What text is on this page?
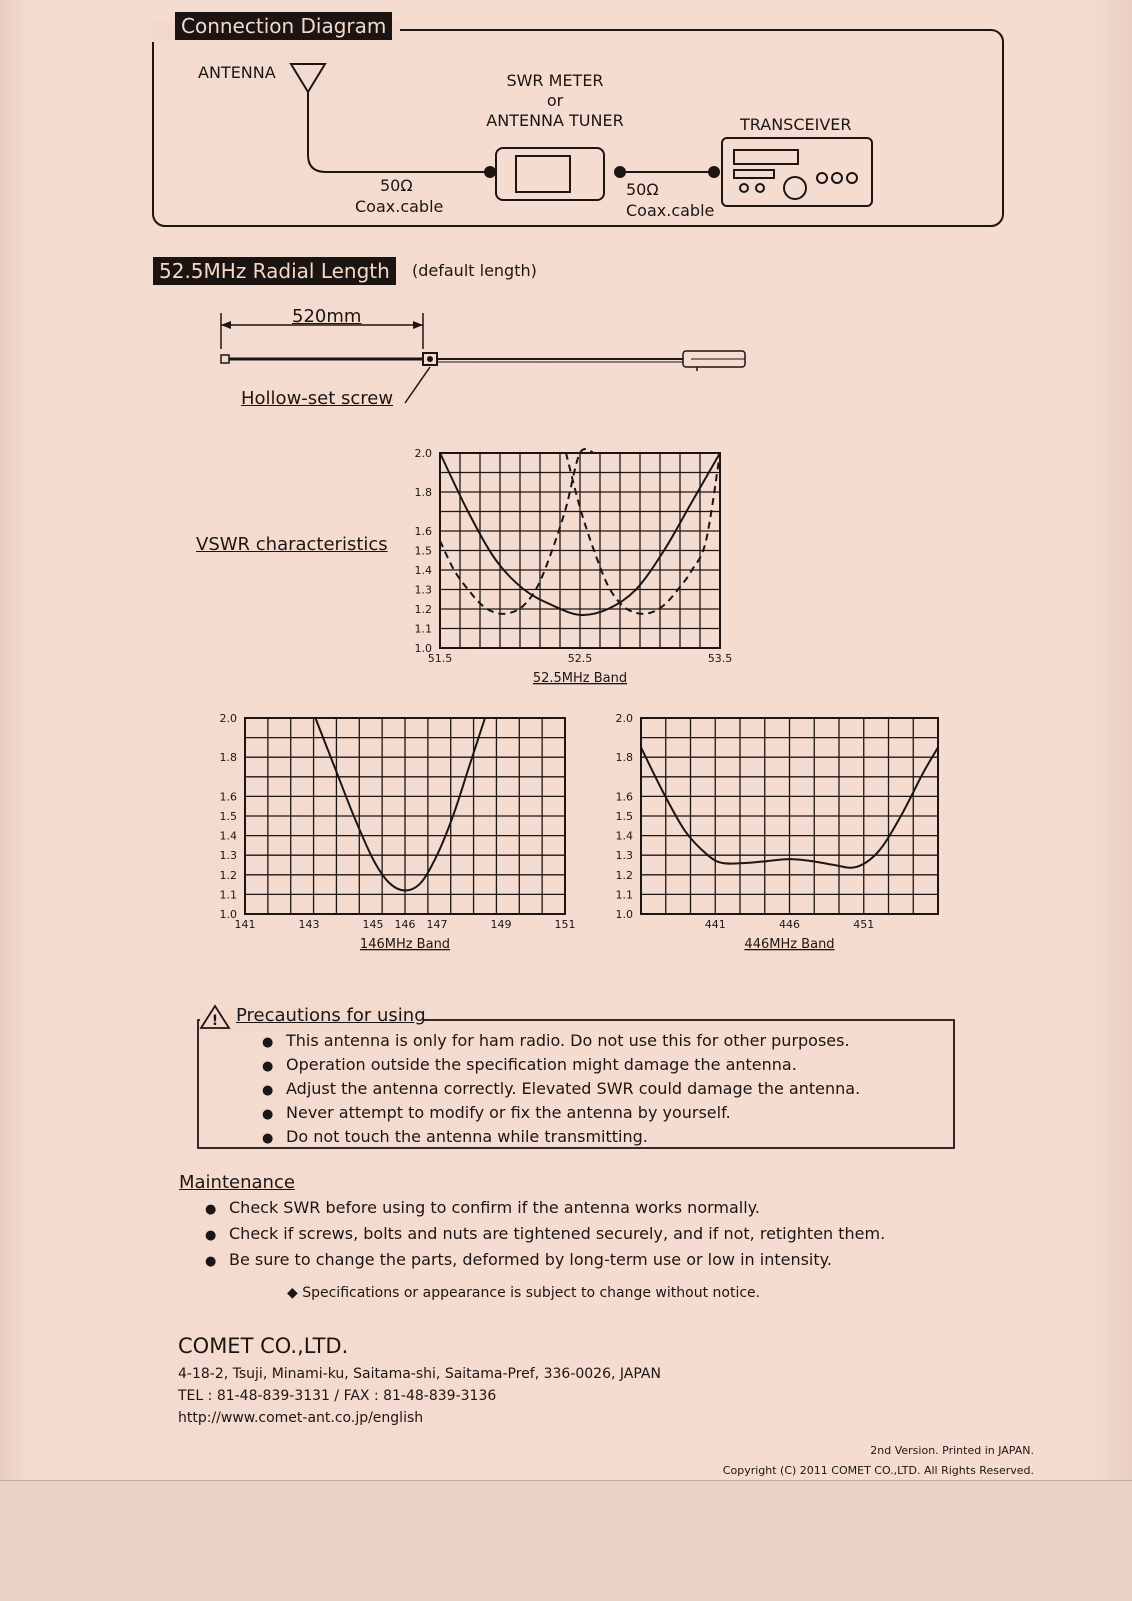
Connection Diagram
ANTENNA	SWR METER
or
ANTENNA TUNER	TRANSCEIVER
50Ω
Coax.cable
50Ω
Coax.cable
52.5MHz Radial Length	(default length)
520mm
Hollow-set screw
VSWR characteristics
2.0
1.8
1.6
1.5
1.4
1.3
1.2
1.1
1.0
51.5	52.5	53.5
52.5MHz Band
2.0
1.8
1.6
1.5
1.4
1.3
1.2
1.1
1.0
141	143	145 146 147	149	151
146MHz Band
2.0
1.8
1.6
1.5
1.4
1.3
1.2
1.1
1.0
441	446	451
446MHz Band
! Precautions for using
● This antenna is only for ham radio. Do not use this for other purposes.
● Operation outside the specification might damage the antenna.
● Adjust the antenna correctly. Elevated SWR could damage the antenna.
● Never attempt to modify or fix the antenna by yourself.
● Do not touch the antenna while transmitting.
Maintenance
● Check SWR before using to confirm if the antenna works normally.
● Check if screws, bolts and nuts are tightened securely, and if not, retighten them.
● Be sure to change the parts, deformed by long-term use or low in intensity.
◆ Specifications or appearance is subject to change without notice.
COMET CO.,LTD.
4-18-2, Tsuji, Minami-ku, Saitama-shi, Saitama-Pref, 336-0026, JAPAN
TEL : 81-48-839-3131 / FAX : 81-48-839-3136
http://www.comet-ant.co.jp/english
2nd Version. Printed in JAPAN.
Copyright (C) 2011 COMET CO.,LTD. All Rights Reserved.
